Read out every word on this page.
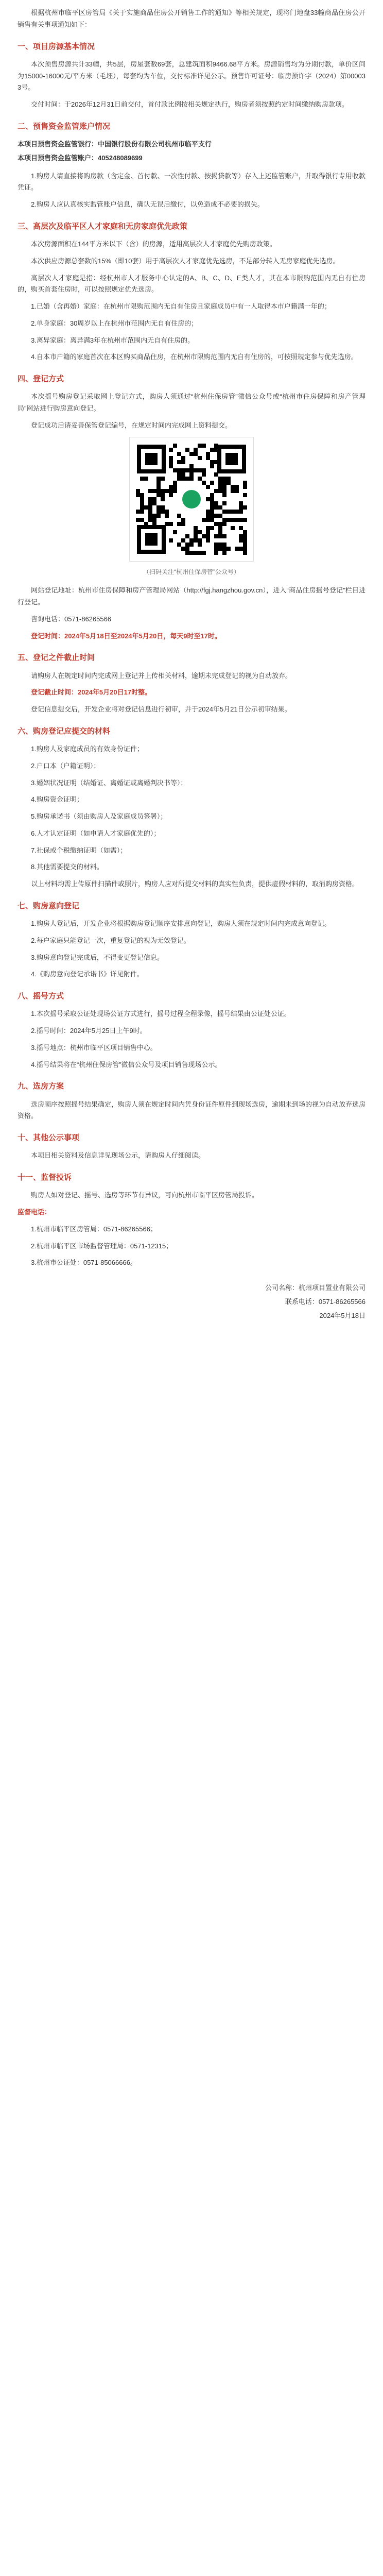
根据杭州市临平区房管局《关于实施商品住房公开销售工作的通知》等相关规定，现将门地盘33幢商品住房公开销售有关事项通知如下：

一、项目房源基本情况

本次预售房源共计33幢，共5层，房屋套数69套，总建筑面积9466.68平方米。房源销售均为分期付款，单价区间为15000-16000元/平方米（毛坯），每套均为车位，交付标准详见公示。预售许可证号：临房预许字（2024）第000033号。

交付时间：于2026年12月31日前交付，首付款比例按相关规定执行，购房者须按照约定时间缴纳购房款项。

二、预售资金监管账户情况

本项目预售资金监管银行：中国银行股份有限公司杭州市临平支行

本项目预售资金监管账户：405248089699

1.购房人请直接将购房款（含定金、首付款、一次性付款、按揭贷款等）存入上述监管账户，并取得银行专用收款凭证。

2.购房人应认真核实监管账户信息，确认无误后缴付，以免造成不必要的损失。

三、高层次及临平区人才家庭和无房家庭优先政策

本次房源面积在144平方米以下（含）的房源，适用高层次人才家庭优先购房政策。

本次供应房源总套数的15%（即10套）用于高层次人才家庭优先选房，不足部分转入无房家庭优先选房。

高层次人才家庭是指：经杭州市人才服务中心认定的A、B、C、D、E类人才，其在本市限购范围内无自有住房的，购买首套住房时，可以按照规定优先选房。

1.已婚（含再婚）家庭：在杭州市限购范围内无自有住房且家庭成员中有一人取得本市户籍满一年的；

2.单身家庭：30周岁以上在杭州市范围内无自有住房的；

3.离异家庭：离异满3年在杭州市范围内无自有住房的。

4.自本市户籍的家庭首次在本区购买商品住房，在杭州市限购范围内无自有住房的，可按照规定参与优先选房。

四、登记方式

本次摇号购房登记采取网上登记方式，购房人须通过“杭州住保房管”微信公众号或“杭州市住房保障和房产管理局”网站进行购房意向登记。

登记成功后请妥善保管登记编号，在规定时间内完成网上资料提交。

（扫码关注“杭州住保房管”公众号）

网站登记地址：杭州市住房保障和房产管理局网站（http://fgj.hangzhou.gov.cn），进入“商品住房摇号登记”栏目进行登记。

咨询电话：0571-86265566

登记时间：2024年5月18日至2024年5月20日，每天9时至17时。

五、登记之件截止时间

请购房人在规定时间内完成网上登记并上传相关材料，逾期未完成登记的视为自动放弃。

登记截止时间：2024年5月20日17时整。

登记信息提交后，开发企业将对登记信息进行初审，并于2024年5月21日公示初审结果。

六、购房登记应提交的材料

1.购房人及家庭成员的有效身份证件；

2.户口本（户籍证明）；

3.婚姻状况证明（结婚证、离婚证或离婚判决书等）；

4.购房资金证明；

5.购房承诺书（须由购房人及家庭成员签署）；

6.人才认定证明（如申请人才家庭优先的）；

7.社保或个税缴纳证明（如需）；

8.其他需要提交的材料。

以上材料均需上传原件扫描件或照片，购房人应对所提交材料的真实性负责，提供虚假材料的，取消购房资格。

七、购房意向登记

1.购房人登记后，开发企业将根据购房登记顺序安排意向登记，购房人须在规定时间内完成意向登记。

2.每户家庭只能登记一次，重复登记的视为无效登记。

3.购房意向登记完成后，不得变更登记信息。

4.《购房意向登记承诺书》详见附件。

八、摇号方式

1.本次摇号采取公证处现场公证方式进行，摇号过程全程录像，摇号结果由公证处公证。

2.摇号时间：2024年5月25日上午9时。

3.摇号地点：杭州市临平区项目销售中心。

4.摇号结果将在“杭州住保房管”微信公众号及项目销售现场公示。

九、选房方案

选房顺序按照摇号结果确定，购房人须在规定时间内凭身份证件原件到现场选房，逾期未到场的视为自动放弃选房资格。

十、其他公示事项

本项目相关资料及信息详见现场公示，请购房人仔细阅读。

十一、监督投诉

购房人如对登记、摇号、选房等环节有异议，可向杭州市临平区房管局投诉。

监督电话：

1.杭州市临平区房管局：0571-86265566；

2.杭州市临平区市场监督管理局：0571-12315；

3.杭州市公证处：0571-85066666。

公司名称：杭州项目置业有限公司

联系电话：0571-86265566

2024年5月18日
